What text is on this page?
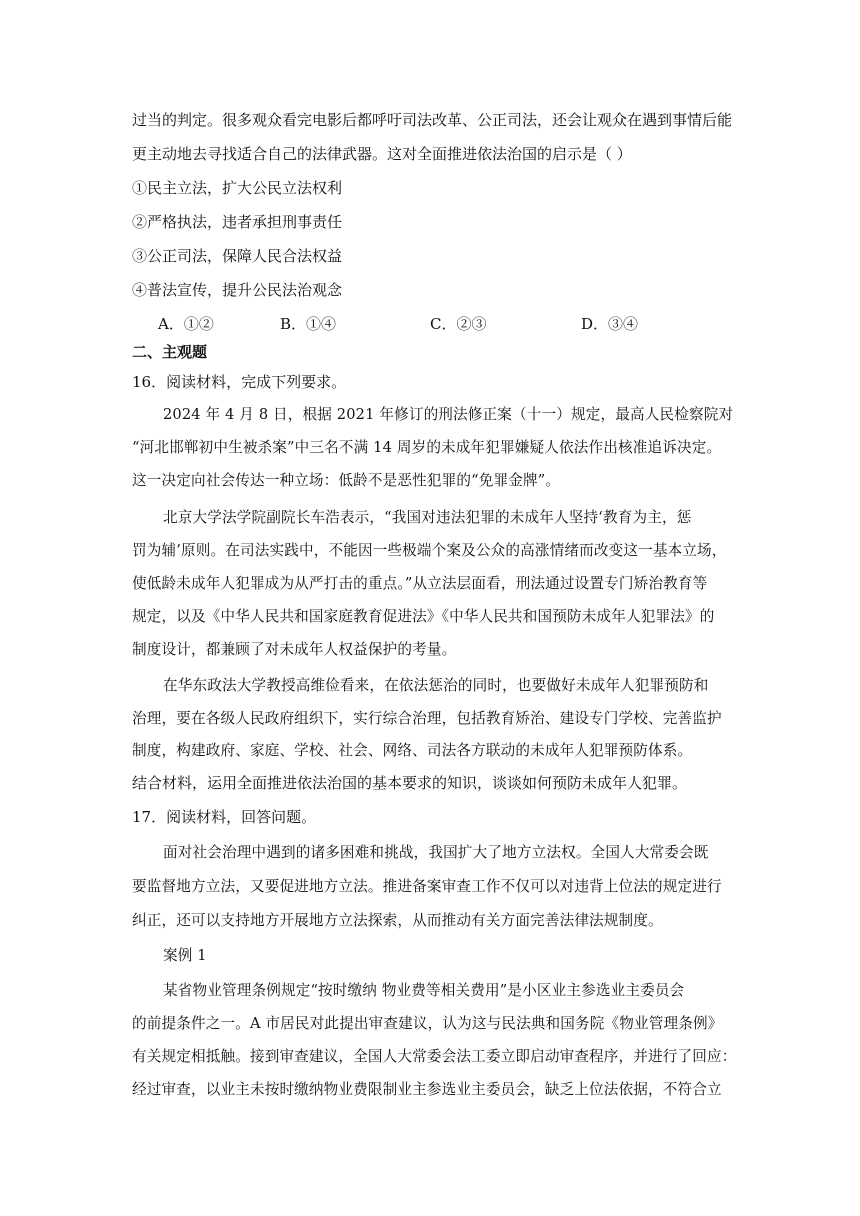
过当的判定。很多观众看完电影后都呼吁司法改革、公正司法，还会让观众在遇到事情后能
更主动地去寻找适合自己的法律武器。这对全面推进依法治国的启示是（ ）
①民主立法，扩大公民立法权利
②严格执法，违者承担刑事责任
③公正司法，保障人民合法权益
④普法宣传，提升公民法治观念
A．①②	B．①④	C．②③	D．③④
二、主观题
16．阅读材料，完成下列要求。
2024 年 4 月 8 日，根据 2021 年修订的刑法修正案（十一）规定，最高人民检察院对
“河北邯郸初中生被杀案”中三名不满 14 周岁的未成年犯罪嫌疑人依法作出核准追诉决定。
这一决定向社会传达一种立场：低龄不是恶性犯罪的“免罪金牌”。
北京大学法学院副院长车浩表示，“我国对违法犯罪的未成年人坚持‘教育为主，惩
罚为辅’原则。在司法实践中，不能因一些极端个案及公众的高涨情绪而改变这一基本立场，
使低龄未成年人犯罪成为从严打击的重点。”从立法层面看，刑法通过设置专门矫治教育等
规定，以及《中华人民共和国家庭教育促进法》《中华人民共和国预防未成年人犯罪法》的
制度设计，都兼顾了对未成年人权益保护的考量。
在华东政法大学教授高维俭看来，在依法惩治的同时，也要做好未成年人犯罪预防和
治理，要在各级人民政府组织下，实行综合治理，包括教育矫治、建设专门学校、完善监护
制度，构建政府、家庭、学校、社会、网络、司法各方联动的未成年人犯罪预防体系。
结合材料，运用全面推进依法治国的基本要求的知识，谈谈如何预防未成年人犯罪。
17．阅读材料，回答问题。
面对社会治理中遇到的诸多困难和挑战，我国扩大了地方立法权。全国人大常委会既
要监督地方立法，又要促进地方立法。推进备案审查工作不仅可以对违背上位法的规定进行
纠正，还可以支持地方开展地方立法探索，从而推动有关方面完善法律法规制度。
案例 1
某省物业管理条例规定“按时缴纳 物业费等相关费用”是小区业主参选业主委员会
的前提条件之一。A 市居民对此提出审查建议，认为这与民法典和国务院《物业管理条例》
有关规定相抵触。接到审查建议，全国人大常委会法工委立即启动审查程序，并进行了回应：
经过审查，以业主未按时缴纳物业费限制业主参选业主委员会，缺乏上位法依据，不符合立
